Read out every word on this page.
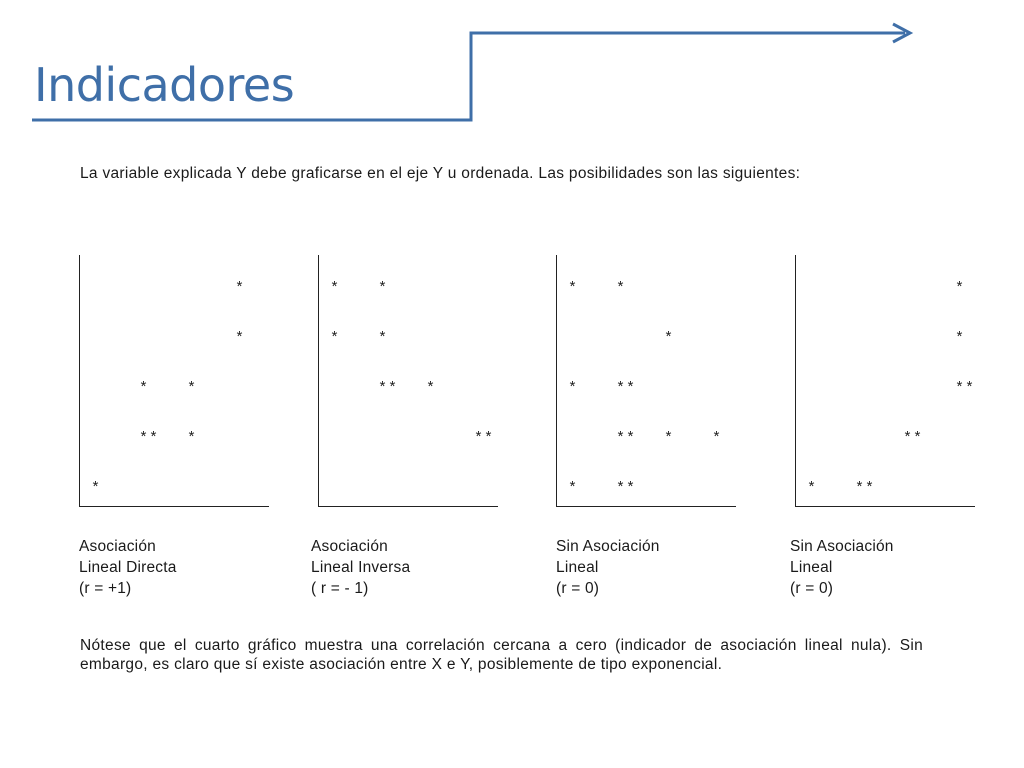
Indicadores
La variable explicada Y debe graficarse en el eje Y u ordenada. Las posibilidades son las siguientes:
*
** *
*	*
*
*	*	*
*	*
** *
**
*	*
*
*	**
** *	*
*	**	*	**
**
**
*
*
Asociación
Lineal Directa
(r = +1)
Asociación
Lineal Inversa
( r = - 1)
Sin Asociación
Lineal
(r = 0)
Sin Asociación
Lineal
(r = 0)
Nótese que el cuarto gráfico muestra una correlación cercana a cero (indicador de asociación lineal nula). Sin embargo, es claro que sí existe asociación entre X e Y, posiblemente de tipo exponencial.
